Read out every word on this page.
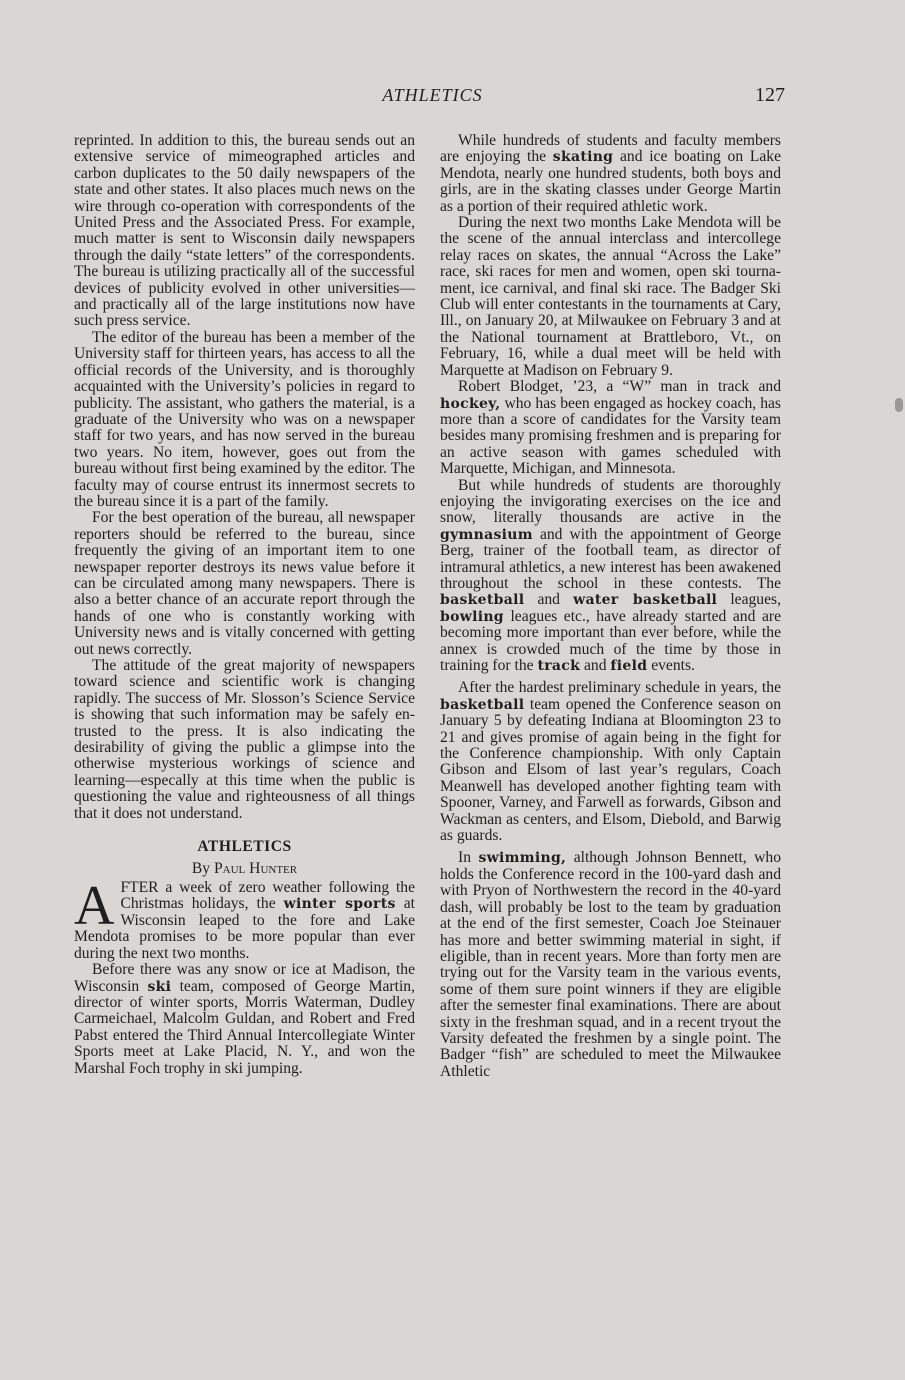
ATHLETICS	127

reprinted. In addition to this, the bureau sends out an extensive service of mimeographed articles and carbon duplicates to the 50 daily newspapers of the state and other states. It also places much news on the wire through co-operation with correspondents of the United Press and the Associated Press. For example, much matter is sent to Wisconsin daily newspapers through the daily “state letters” of the correspondents. The bureau is utilizing practically all of the successful devices of publicity evolved in other universities—and practically all of the large institutions now have such press service.

The editor of the bureau has been a member of the University staff for thirteen years, has access to all the official records of the University, and is thoroughly acquainted with the University’s policies in regard to publicity. The assistant, who gathers the material, is a graduate of the University who was on a newspaper staff for two years, and has now served in the bureau two years. No item, however, goes out from the bureau without first being examined by the editor. The faculty may of course entrust its innermost secrets to the bureau since it is a part of the family.

For the best operation of the bureau, all newspaper reporters should be referred to the bureau, since frequently the giving of an important item to one newspaper reporter destroys its news value before it can be circulated among many newspapers. There is also a better chance of an accurate report through the hands of one who is constantly working with University news and is vitally concerned with getting out news correctly.

The attitude of the great majority of newspapers toward science and scientific work is changing rapidly. The success of Mr. Slosson’s Science Service is showing that such information may be safely entrusted to the press. It is also indicating the desirability of giving the public a glimpse into the otherwise mysterious workings of science and learning—especally at this time when the public is questioning the value and righteousness of all things that it does not understand.

ATHLETICS
By Paul Hunter

AFTER a week of zero weather following the Christmas holidays, the winter sports at Wisconsin leaped to the fore and Lake Mendota promises to be more popular than ever during the next two months.

Before there was any snow or ice at Madison, the Wisconsin ski team, composed of George Martin, director of winter sports, Morris Waterman, Dudley Carmeichael, Malcolm Guldan, and Robert and Fred Pabst entered the Third Annual Intercollegiate Winter Sports meet at Lake Placid, N. Y., and won the Marshal Foch trophy in ski jumping.

While hundreds of students and faculty members are enjoying the skating and ice boating on Lake Mendota, nearly one hundred students, both boys and girls, are in the skating classes under George Martin as a portion of their required athletic work.

During the next two months Lake Mendota will be the scene of the annual interclass and intercollege relay races on skates, the annual “Across the Lake” race, ski races for men and women, open ski tournament, ice carnival, and final ski race. The Badger Ski Club will enter contestants in the tournaments at Cary, Ill., on January 20, at Milwaukee on February 3 and at the National tournament at Brattleboro, Vt., on February, 16, while a dual meet will be held with Marquette at Madison on February 9.

Robert Blodget, ’23, a “W” man in track and hockey, who has been engaged as hockey coach, has more than a score of candidates for the Varsity team besides many promising freshmen and is preparing for an active season with games scheduled with Marquette, Michigan, and Minnesota.

But while hundreds of students are thoroughly enjoying the invigorating exercises on the ice and snow, literally thousands are active in the gymnasium and with the appointment of George Berg, trainer of the football team, as director of intramural athletics, a new interest has been awakened throughout the school in these contests. The basketball and water basketball leagues, bowling leagues etc., have already started and are becoming more important than ever before, while the annex is crowded much of the time by those in training for the track and field events.

After the hardest preliminary schedule in years, the basketball team opened the Conference season on January 5 by defeating Indiana at Bloomington 23 to 21 and gives promise of again being in the fight for the Conference championship. With only Captain Gibson and Elsom of last year’s regulars, Coach Meanwell has developed another fighting team with Spooner, Varney, and Farwell as forwards, Gibson and Wackman as centers, and Elsom, Diebold, and Barwig as guards.

In swimming, although Johnson Bennett, who holds the Conference record in the 100-yard dash and with Pryon of Northwestern the record in the 40-yard dash, will probably be lost to the team by graduation at the end of the first semester, Coach Joe Steinauer has more and better swimming material in sight, if eligible, than in recent years. More than forty men are trying out for the Varsity team in the various events, some of them sure point winners if they are eligible after the semester final examinations. There are about sixty in the freshman squad, and in a recent tryout the Varsity defeated the freshmen by a single point. The Badger “fish” are scheduled to meet the Milwaukee Athletic
